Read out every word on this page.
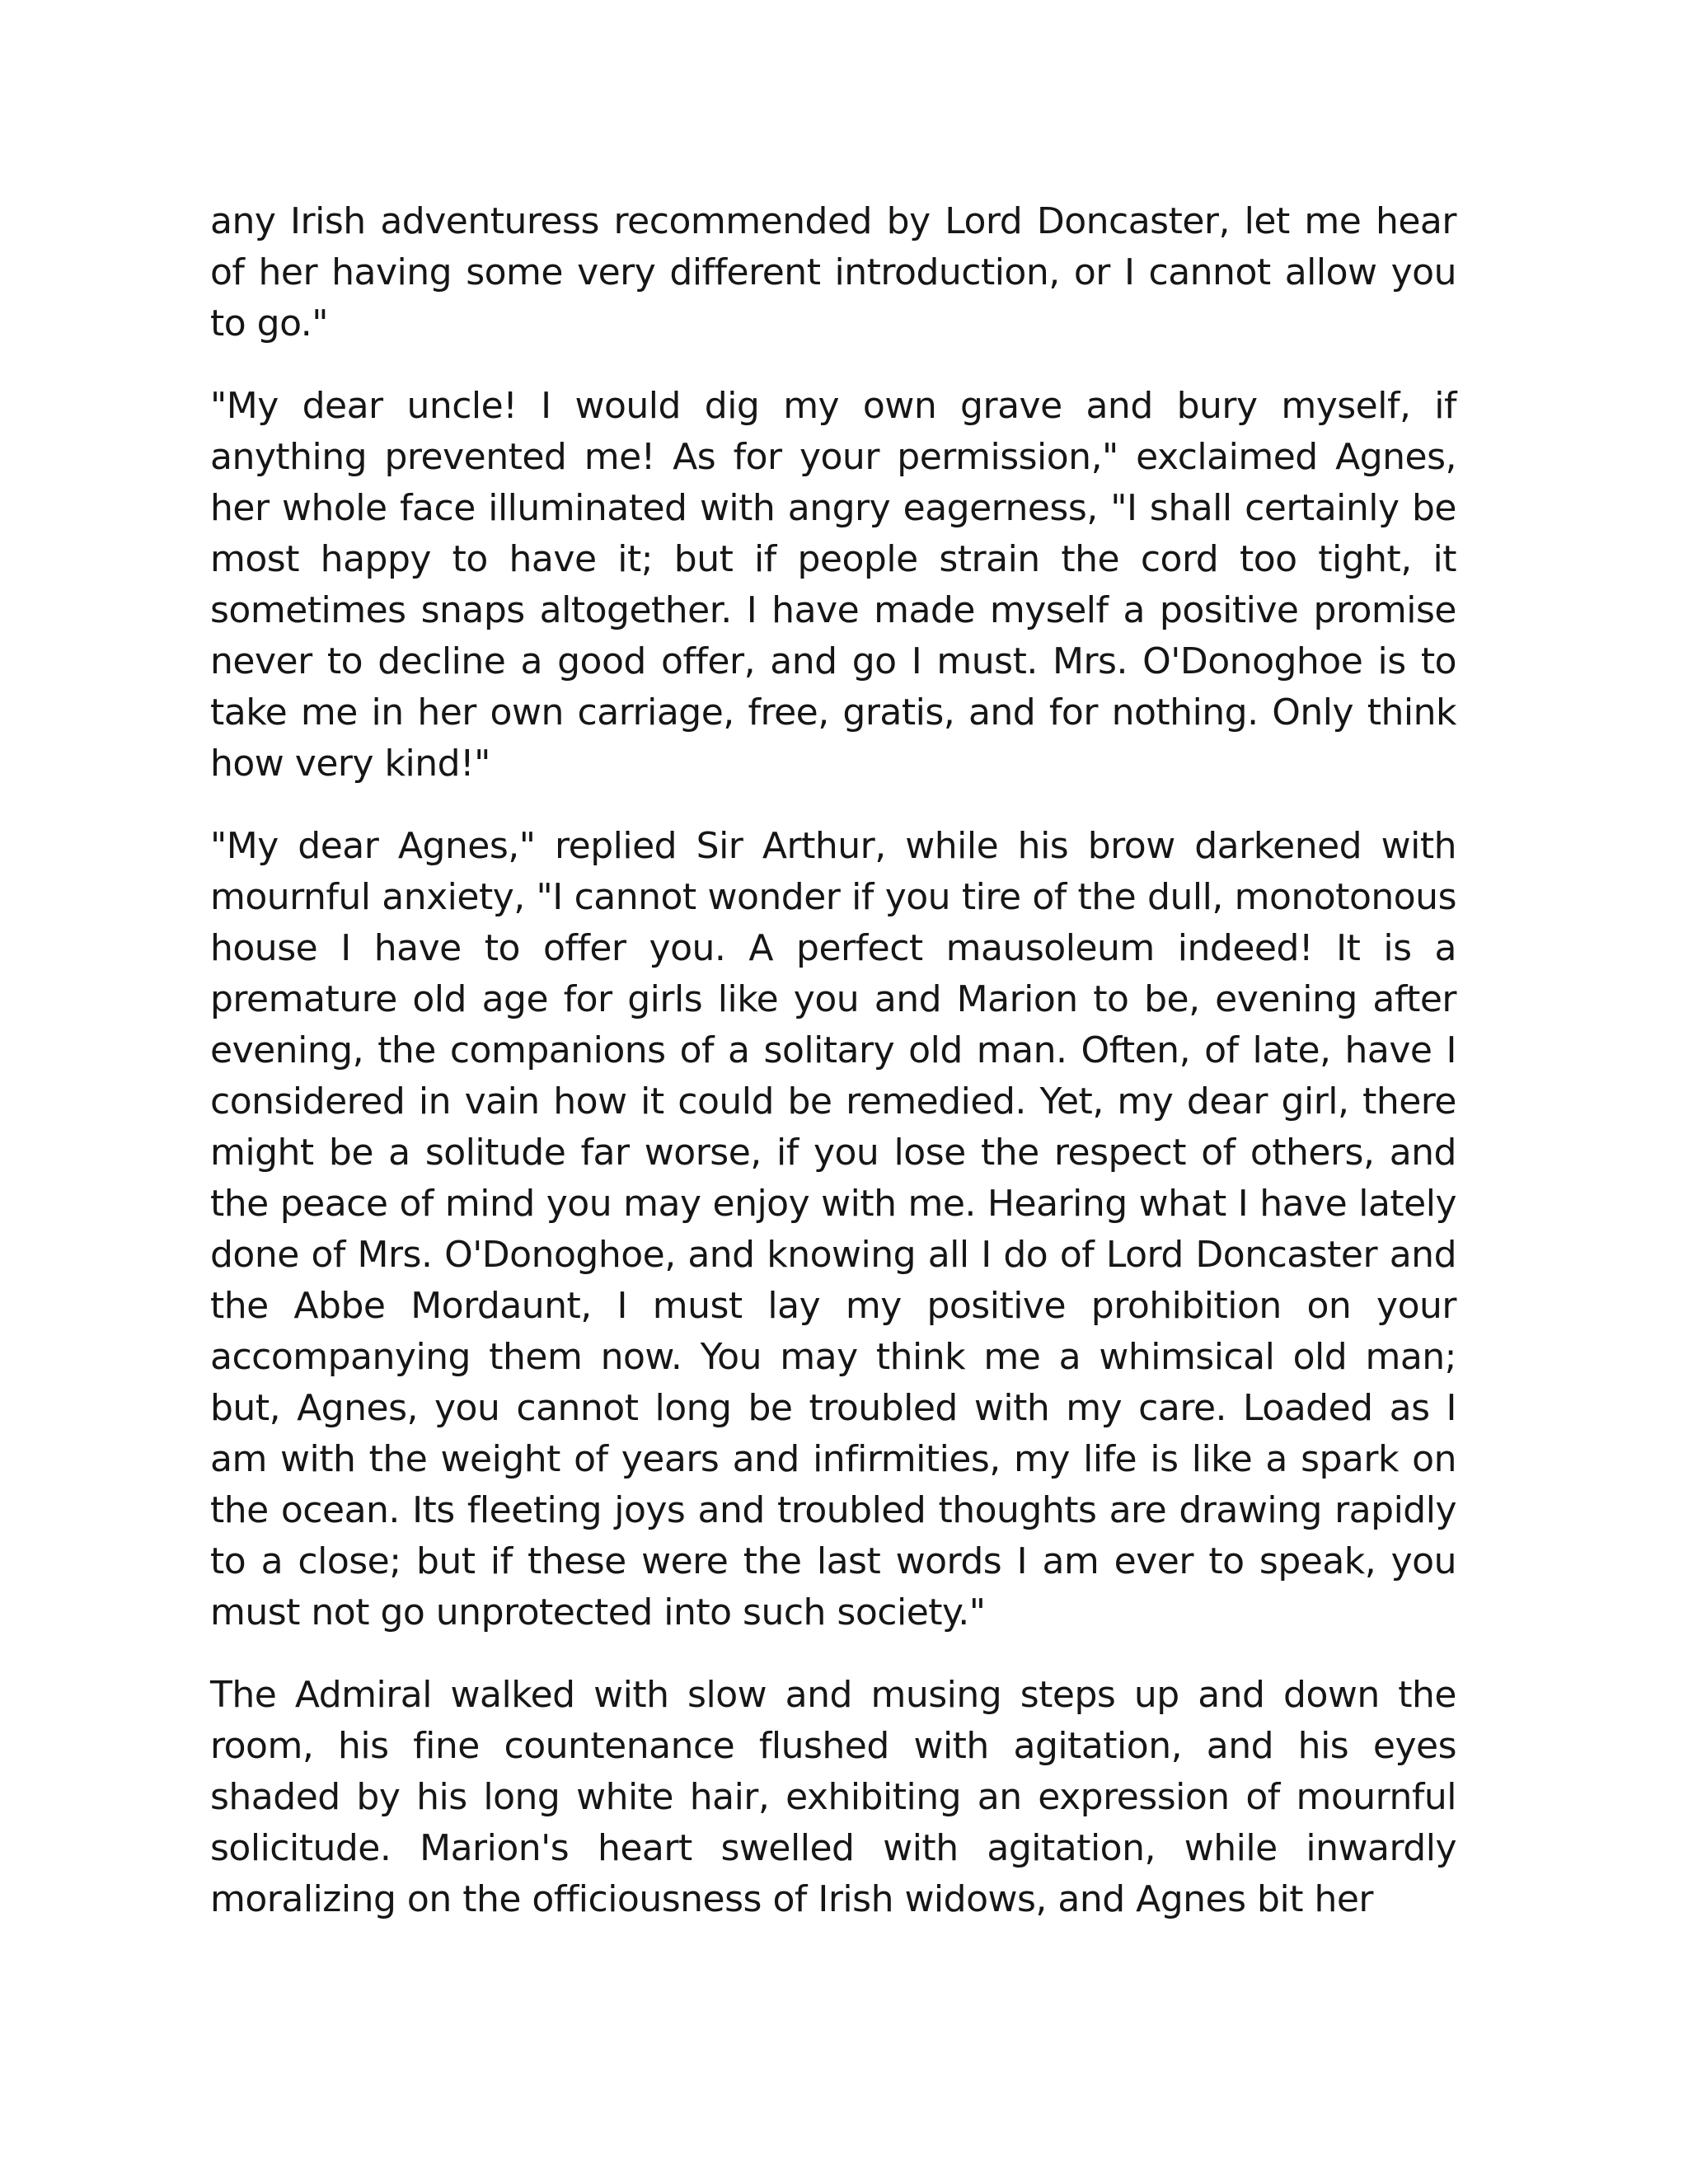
any Irish adventuress recommended by Lord Doncaster, let me hear of her having some very different introduction, or I cannot allow you to go."

"My dear uncle! I would dig my own grave and bury myself, if anything prevented me! As for your permission," exclaimed Agnes, her whole face illuminated with angry eagerness, "I shall certainly be most happy to have it; but if people strain the cord too tight, it sometimes snaps altogether. I have made myself a positive promise never to decline a good offer, and go I must. Mrs. O'Donoghoe is to take me in her own carriage, free, gratis, and for nothing. Only think how very kind!"

"My dear Agnes," replied Sir Arthur, while his brow darkened with mournful anxiety, "I cannot wonder if you tire of the dull, monotonous house I have to offer you. A perfect mausoleum indeed! It is a premature old age for girls like you and Marion to be, evening after evening, the companions of a solitary old man. Often, of late, have I considered in vain how it could be remedied. Yet, my dear girl, there might be a solitude far worse, if you lose the respect of others, and the peace of mind you may enjoy with me. Hearing what I have lately done of Mrs. O'Donoghoe, and knowing all I do of Lord Doncaster and the Abbe Mordaunt, I must lay my positive prohibition on your accompanying them now. You may think me a whimsical old man; but, Agnes, you cannot long be troubled with my care. Loaded as I am with the weight of years and infirmities, my life is like a spark on the ocean. Its fleeting joys and troubled thoughts are drawing rapidly to a close; but if these were the last words I am ever to speak, you must not go unprotected into such society."

The Admiral walked with slow and musing steps up and down the room, his fine countenance flushed with agitation, and his eyes shaded by his long white hair, exhibiting an expression of mournful solicitude. Marion's heart swelled with agitation, while inwardly moralizing on the officiousness of Irish widows, and Agnes bit her
